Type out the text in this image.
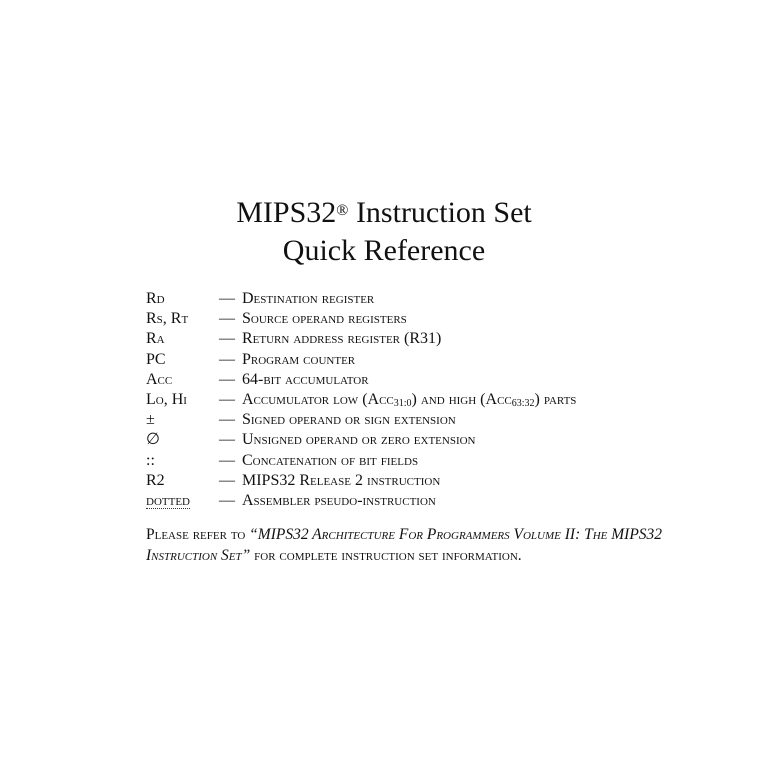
MIPS32® Instruction Set
Quick Reference
Rd	— Destination register
Rs, Rt — Source operand registers
Ra	— Return address register (R31)
PC	— Program counter
Acc	— 64-bit accumulator
Lo, Hi — Accumulator low (Acc$_{31:0}$) and high (Acc$_{63:32}$) parts
±	— Signed operand or sign extension
∅	— Unsigned operand or zero extension
::	— Concatenation of bit fields
R2	— MIPS32 Release 2 instruction
dotted — Assembler pseudo-instruction
Please refer to “MIPS32 Architecture For Programmers Volume II: The MIPS32 Instruction Set” for complete instruction set information.
